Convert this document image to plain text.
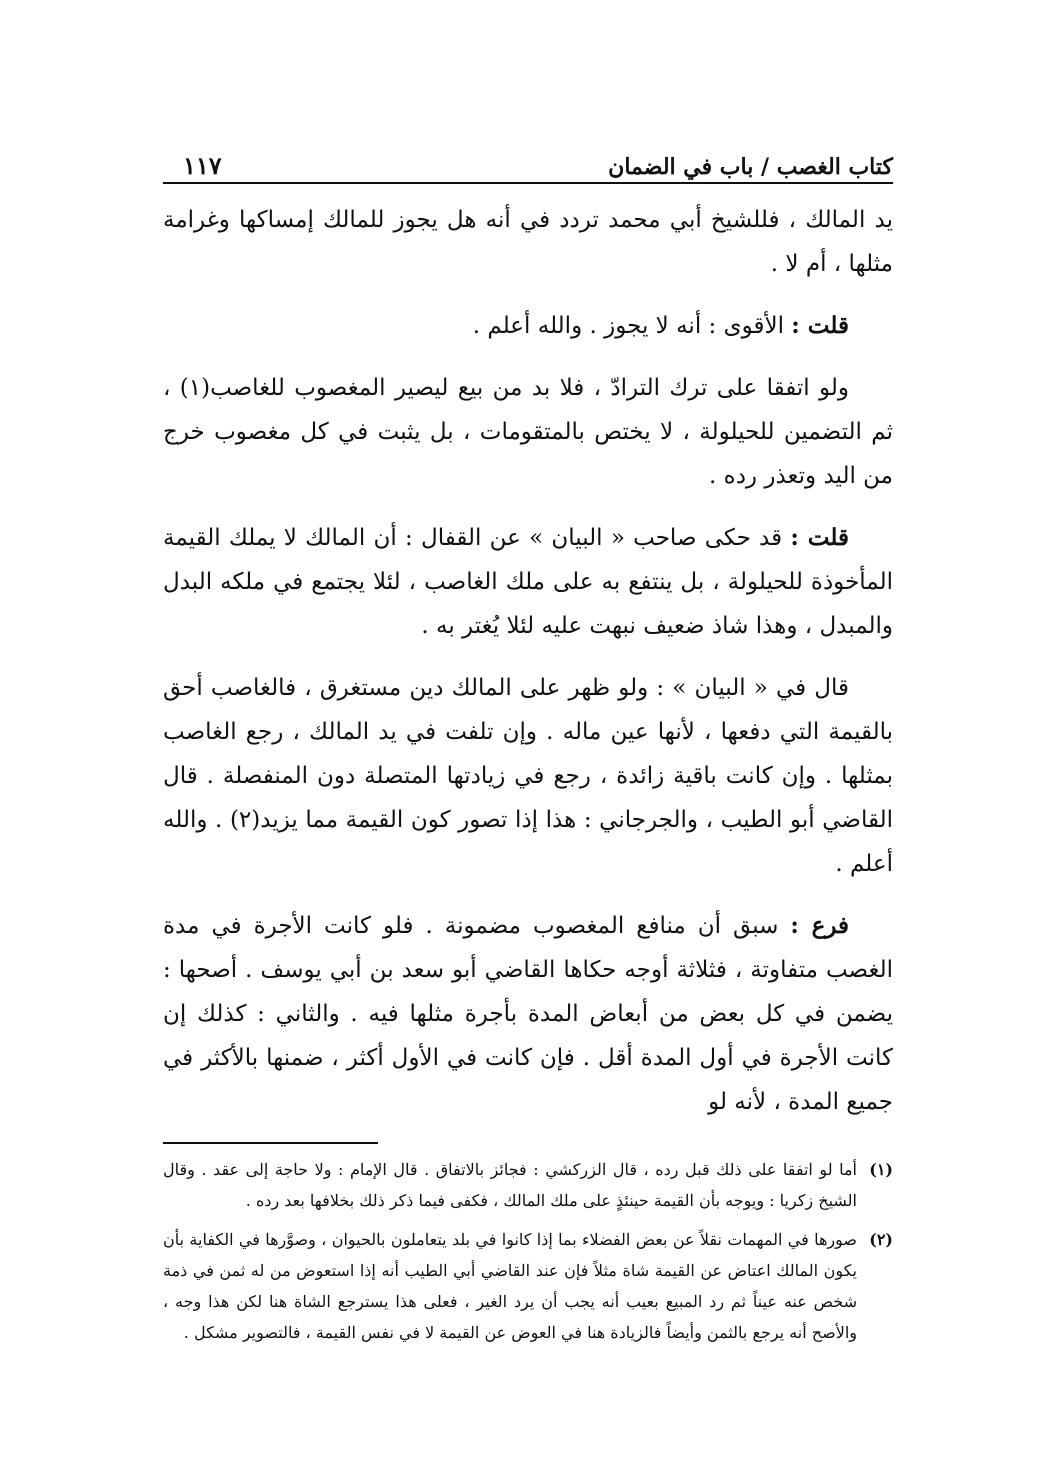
كتاب الغصب / باب في الضمان
١١٧

يد المالك ، فللشيخ أبي محمد تردد في أنه هل يجوز للمالك إمساكها وغرامة مثلها ، أم لا .

قلت : الأقوى : أنه لا يجوز . والله أعلم .

ولو اتفقا على ترك الترادّ ، فلا بد من بيع ليصير المغصوب للغاصب(١) ، ثم التضمين للحيلولة ، لا يختص بالمتقومات ، بل يثبت في كل مغصوب خرج من اليد وتعذر رده .

قلت : قد حكى صاحب « البيان » عن القفال : أن المالك لا يملك القيمة المأخوذة للحيلولة ، بل ينتفع به على ملك الغاصب ، لئلا يجتمع في ملكه البدل والمبدل ، وهذا شاذ ضعيف نبهت عليه لئلا يُغتر به .

قال في « البيان » : ولو ظهر على المالك دين مستغرق ، فالغاصب أحق بالقيمة التي دفعها ، لأنها عين ماله . وإن تلفت في يد المالك ، رجع الغاصب بمثلها . وإن كانت باقية زائدة ، رجع في زيادتها المتصلة دون المنفصلة . قال القاضي أبو الطيب ، والجرجاني : هذا إذا تصور كون القيمة مما يزيد(٢) . والله أعلم .

فرع : سبق أن منافع المغصوب مضمونة . فلو كانت الأجرة في مدة الغصب متفاوتة ، فثلاثة أوجه حكاها القاضي أبو سعد بن أبي يوسف . أصحها : يضمن في كل بعض من أبعاض المدة بأجرة مثلها فيه . والثاني : كذلك إن كانت الأجرة في أول المدة أقل . فإن كانت في الأول أكثر ، ضمنها بالأكثر في جميع المدة ، لأنه لو

(١)
أما لو اتفقا على ذلك قبل رده ، قال الزركشي : فجائز بالاتفاق . قال الإمام : ولا حاجة إلى عقد . وقال الشيخ زكريا : ويوجه بأن القيمة حينئذٍ على ملك المالك ، فكفى فيما ذكر ذلك بخلافها بعد رده .
(٢)
صورها في المهمات نقلاً عن بعض الفضلاء بما إذا كانوا في بلد يتعاملون بالحيوان ، وصوَّرها في الكفاية بأن يكون المالك اعتاض عن القيمة شاة مثلاً فإن عند القاضي أبي الطيب أنه إذا استعوض من له ثمن في ذمة شخص عنه عيناً ثم رد المبيع بعيب أنه يجب أن يرد الغير ، فعلى هذا يسترجع الشاة هنا لكن هذا وجه ، والأصح أنه يرجع بالثمن وأيضاً فالزيادة هنا في العوض عن القيمة لا في نفس القيمة ، فالتصوير مشكل .
